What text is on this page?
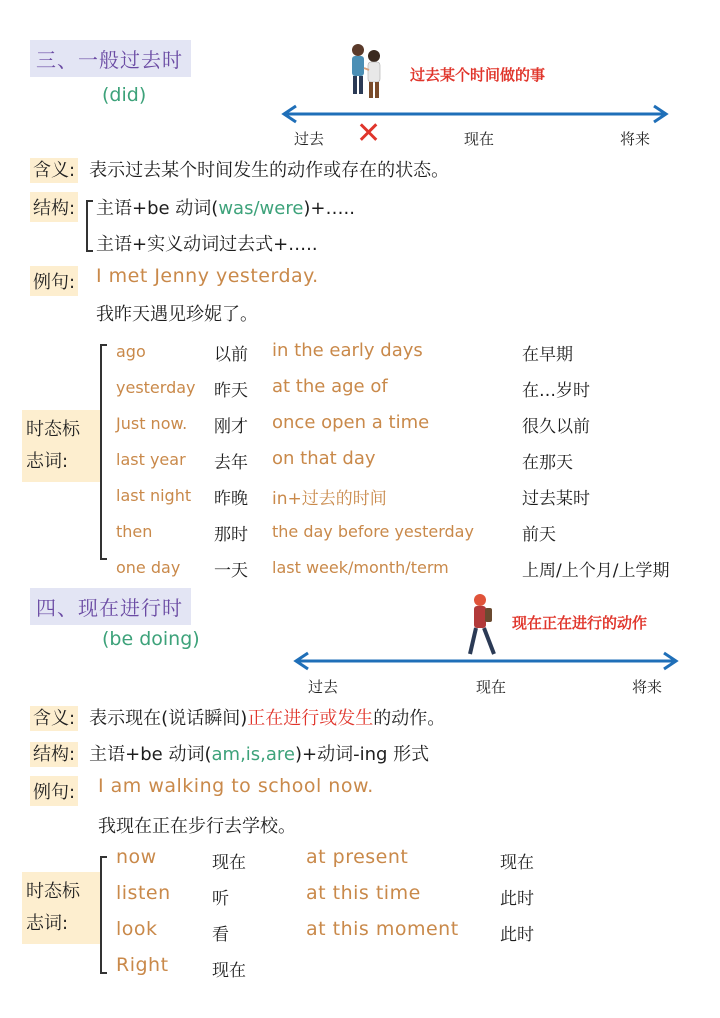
三、一般过去时
(did)
过去某个时间做的事
过去 ✕	现在	将来
含义: 表示过去某个时间发生的动作或存在的状态。
结构: 主语+be 动词(was/were)+…..
主语+实义动词过去式+…..
例句: I met Jenny yesterday.
我昨天遇见珍妮了。
时态标
志词:
ago	以前 in the early days	在早期
yesterday 昨天 at the age of	在…岁时
Just now. 刚才 once open a time	很久以前
last year 去年 on that day	在那天
last night 昨晚 in+过去的时间	过去某时
then	那时 the day before yesterday	前天
one day 一天 last week/month/term	上周/上个月/上学期
四、现在进行时
(be doing)
现在正在进行的动作
过去	现在	将来
含义: 表示现在(说话瞬间)正在进行或发生的动作。
结构: 主语+be 动词(am,is,are)+动词-ing 形式
例句: I am walking to school now.
我现在正在步行去学校。
时态标
志词:
now	现在	at present	现在
listen 听	at this time	此时
look	看	at this moment 此时
Right	现在
